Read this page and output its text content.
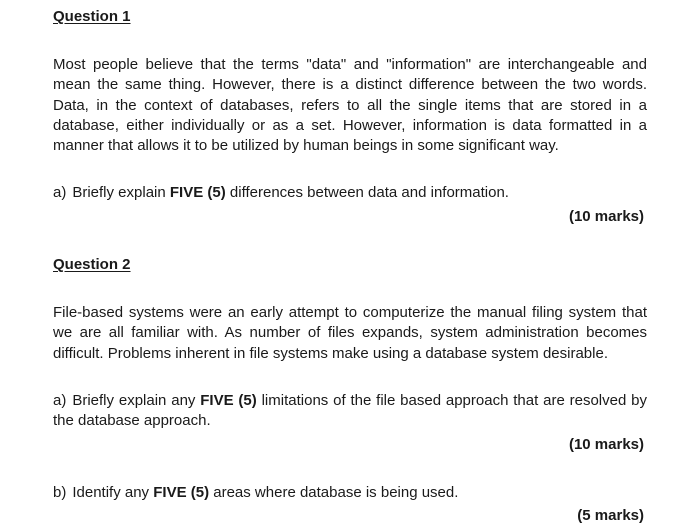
Question 1

Most people believe that the terms "data" and "information" are interchangeable and mean the same thing. However, there is a distinct difference between the two words. Data, in the context of databases, refers to all the single items that are stored in a database, either individually or as a set. However, information is data formatted in a manner that allows it to be utilized by human beings in some significant way.

a) Briefly explain FIVE (5) differences between data and information.

(10 marks)
Question 2

File-based systems were an early attempt to computerize the manual filing system that we are all familiar with. As number of files expands, system administration becomes difficult. Problems inherent in file systems make using a database system desirable.

a) Briefly explain any FIVE (5) limitations of the file based approach that are resolved by the database approach.

(10 marks)

b) Identify any FIVE (5) areas where database is being used.

(5 marks)
